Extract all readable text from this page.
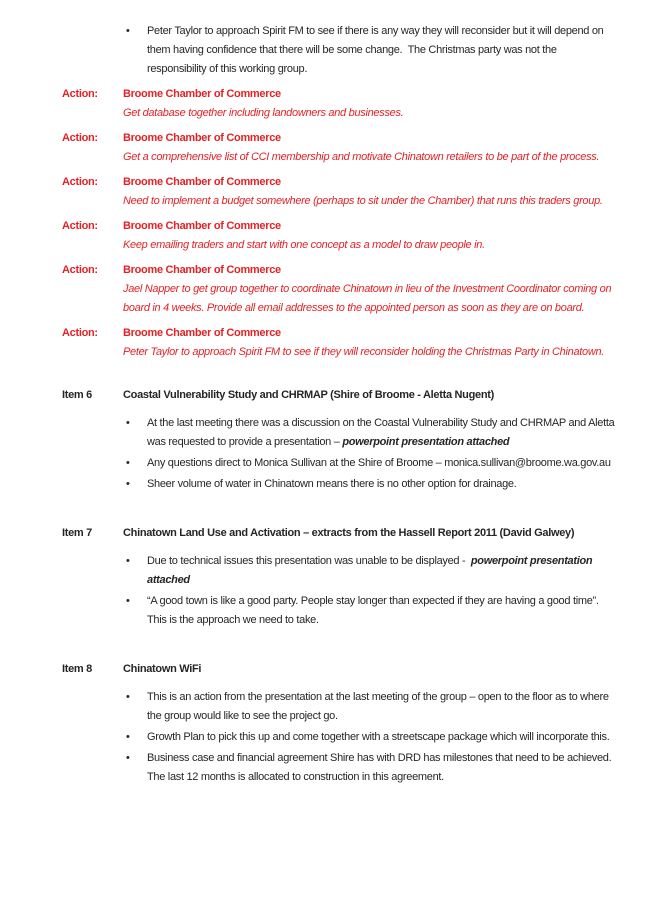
• Peter Taylor to approach Spirit FM to see if there is any way they will reconsider but it will depend on them having confidence that there will be some change.  The Christmas party was not the responsibility of this working group.
Action:	Broome Chamber of Commerce
Get database together including landowners and businesses.
Action:	Broome Chamber of Commerce
Get a comprehensive list of CCI membership and motivate Chinatown retailers to be part of the process.
Action:	Broome Chamber of Commerce
Need to implement a budget somewhere (perhaps to sit under the Chamber) that runs this traders group.
Action:	Broome Chamber of Commerce
Keep emailing traders and start with one concept as a model to draw people in.
Action:	Broome Chamber of Commerce
Jael Napper to get group together to coordinate Chinatown in lieu of the Investment Coordinator coming on board in 4 weeks. Provide all email addresses to the appointed person as soon as they are on board.
Action:	Broome Chamber of Commerce
Peter Taylor to approach Spirit FM to see if they will reconsider holding the Christmas Party in Chinatown.
Item 6	Coastal Vulnerability Study and CHRMAP (Shire of Broome - Aletta Nugent)
• At the last meeting there was a discussion on the Coastal Vulnerability Study and CHRMAP and Aletta was requested to provide a presentation – powerpoint presentation attached
• Any questions direct to Monica Sullivan at the Shire of Broome – monica.sullivan@broome.wa.gov.au
• Sheer volume of water in Chinatown means there is no other option for drainage.
Item 7	Chinatown Land Use and Activation – extracts from the Hassell Report 2011 (David Galwey)
• Due to technical issues this presentation was unable to be displayed -  powerpoint presentation attached
• “A good town is like a good party. People stay longer than expected if they are having a good time”.  This is the approach we need to take.
Item 8	Chinatown WiFi
• This is an action from the presentation at the last meeting of the group – open to the floor as to where the group would like to see the project go.
• Growth Plan to pick this up and come together with a streetscape package which will incorporate this.
• Business case and financial agreement Shire has with DRD has milestones that need to be achieved.  The last 12 months is allocated to construction in this agreement.
